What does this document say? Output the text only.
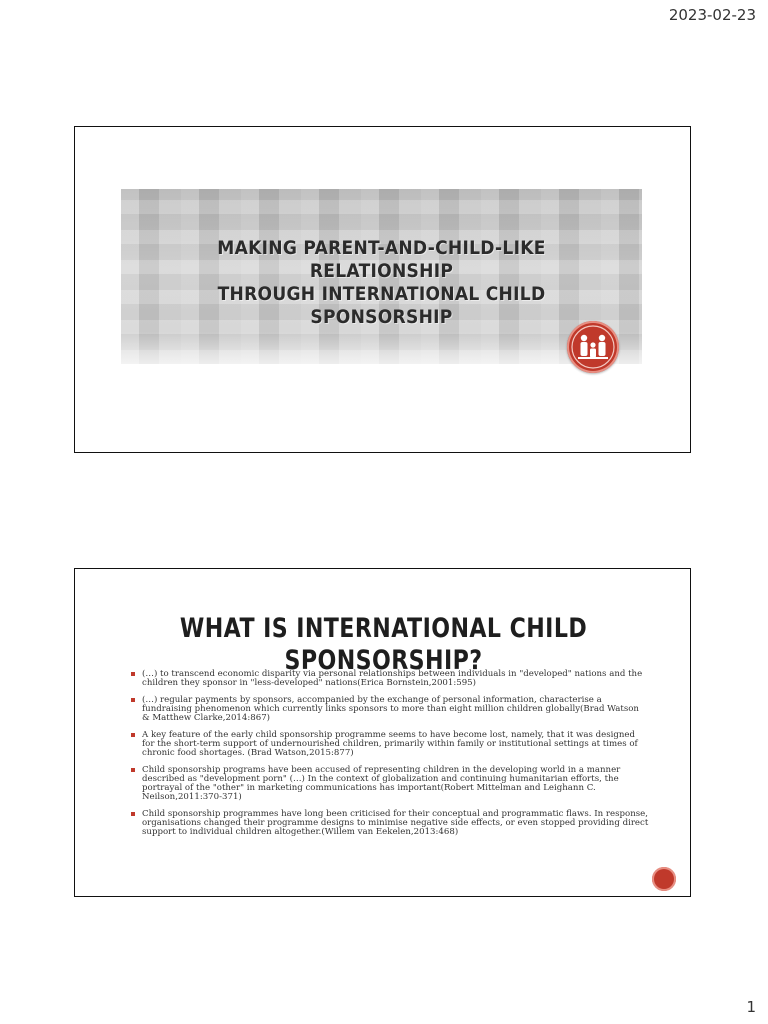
2023-02-23
MAKING PARENT-AND-CHILD-LIKE RELATIONSHIP
THROUGH INTERNATIONAL CHILD SPONSORSHIP
WHAT IS INTERNATIONAL CHILD SPONSORSHIP?
(…) to transcend economic disparity via personal relationships between individuals in "developed" nations and the children they sponsor in "less-developed" nations(Erica Bornstein,2001:595)
(…) regular payments by sponsors, accompanied by the exchange of personal information, characterise a fundraising phenomenon which currently links sponsors to more than eight million children globally(Brad Watson & Matthew Clarke,2014:867)
A key feature of the early child sponsorship programme seems to have become lost, namely, that it was designed for the short-term support of undernourished children, primarily within family or institutional settings at times of chronic food shortages. (Brad Watson,2015:877)
Child sponsorship programs have been accused of representing children in the developing world in a manner described as "development porn" (…) In the context of globalization and continuing humanitarian efforts, the portrayal of the "other" in marketing communications has important(Robert Mittelman and Leighann C. Neilson,2011:370-371)
Child sponsorship programmes have long been criticised for their conceptual and programmatic flaws. In response, organisations changed their programme designs to minimise negative side effects, or even stopped providing direct support to individual children altogether.(Willem van Eekelen,2013:468)
1
